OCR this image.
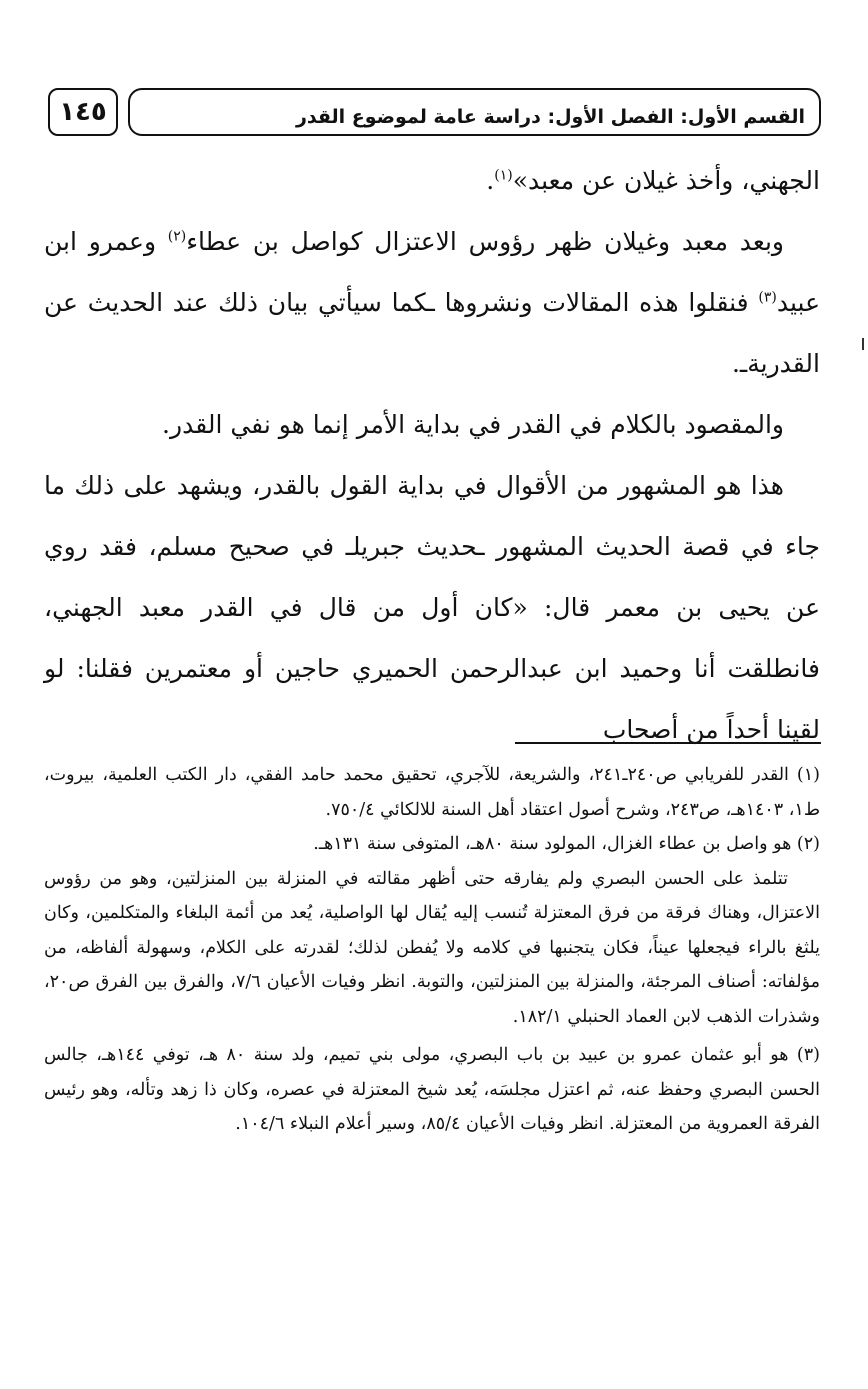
١٤٥	القسم الأول: الفصل الأول: دراسة عامة لموضوع القدر

الجهني، وأخذ غيلان عن معبد»$^{(١)}$.

وبعد معبد وغيلان ظهر رؤوس الاعتزال كواصل بن عطاء$^{(٢)}$ وعمرو ابن عبيد$^{(٣)}$ فنقلوا هذه المقالات ونشروها ـكما سيأتي بيان ذلك عند الحديث عن القدريةـ.

والمقصود بالكلام في القدر في بداية الأمر إنما هو نفي القدر.

هذا هو المشهور من الأقوال في بداية القول بالقدر، ويشهد على ذلك ما جاء في قصة الحديث المشهور ـحديث جبريلـ في صحيح مسلم، فقد روي عن يحيى بن معمر قال: «كان أول من قال في القدر معبد الجهني، فانطلقت أنا وحميد ابن عبدالرحمن الحميري حاجين أو معتمرين فقلنا: لو لقينا أحداً من أصحاب

(١) القدر للفريابي ص٢٤٠ـ٢٤١، والشريعة، للآجري، تحقيق محمد حامد الفقي، دار الكتب العلمية، بيروت، ط١، ١٤٠٣هـ، ص٢٤٣، وشرح أصول اعتقاد أهل السنة للالكائي ٧٥٠/٤.

(٢) هو واصل بن عطاء الغزال، المولود سنة ٨٠هـ، المتوفى سنة ١٣١هـ.

تتلمذ على الحسن البصري ولم يفارقه حتى أظهر مقالته في المنزلة بين المنزلتين، وهو من رؤوس الاعتزال، وهناك فرقة من فرق المعتزلة تُنسب إليه يُقال لها الواصلية، يُعد من أئمة البلغاء والمتكلمين، وكان يلثغ بالراء فيجعلها عيناً، فكان يتجنبها في كلامه ولا يُفطن لذلك؛ لقدرته على الكلام، وسهولة ألفاظه، من مؤلفاته: أصناف المرجئة، والمنزلة بين المنزلتين، والتوبة. انظر وفيات الأعيان ٧/٦، والفرق بين الفرق ص٢٠، وشذرات الذهب لابن العماد الحنبلي ١٨٢/١.

(٣) هو أبو عثمان عمرو بن عبيد بن باب البصري، مولى بني تميم، ولد سنة ٨٠ هـ، توفي ١٤٤هـ، جالس الحسن البصري وحفظ عنه، ثم اعتزل مجلسَه، يُعد شيخ المعتزلة في عصره، وكان ذا زهد وتأله، وهو رئيس الفرقة العمروية من المعتزلة. انظر وفيات الأعيان ٨٥/٤، وسير أعلام النبلاء ١٠٤/٦.
